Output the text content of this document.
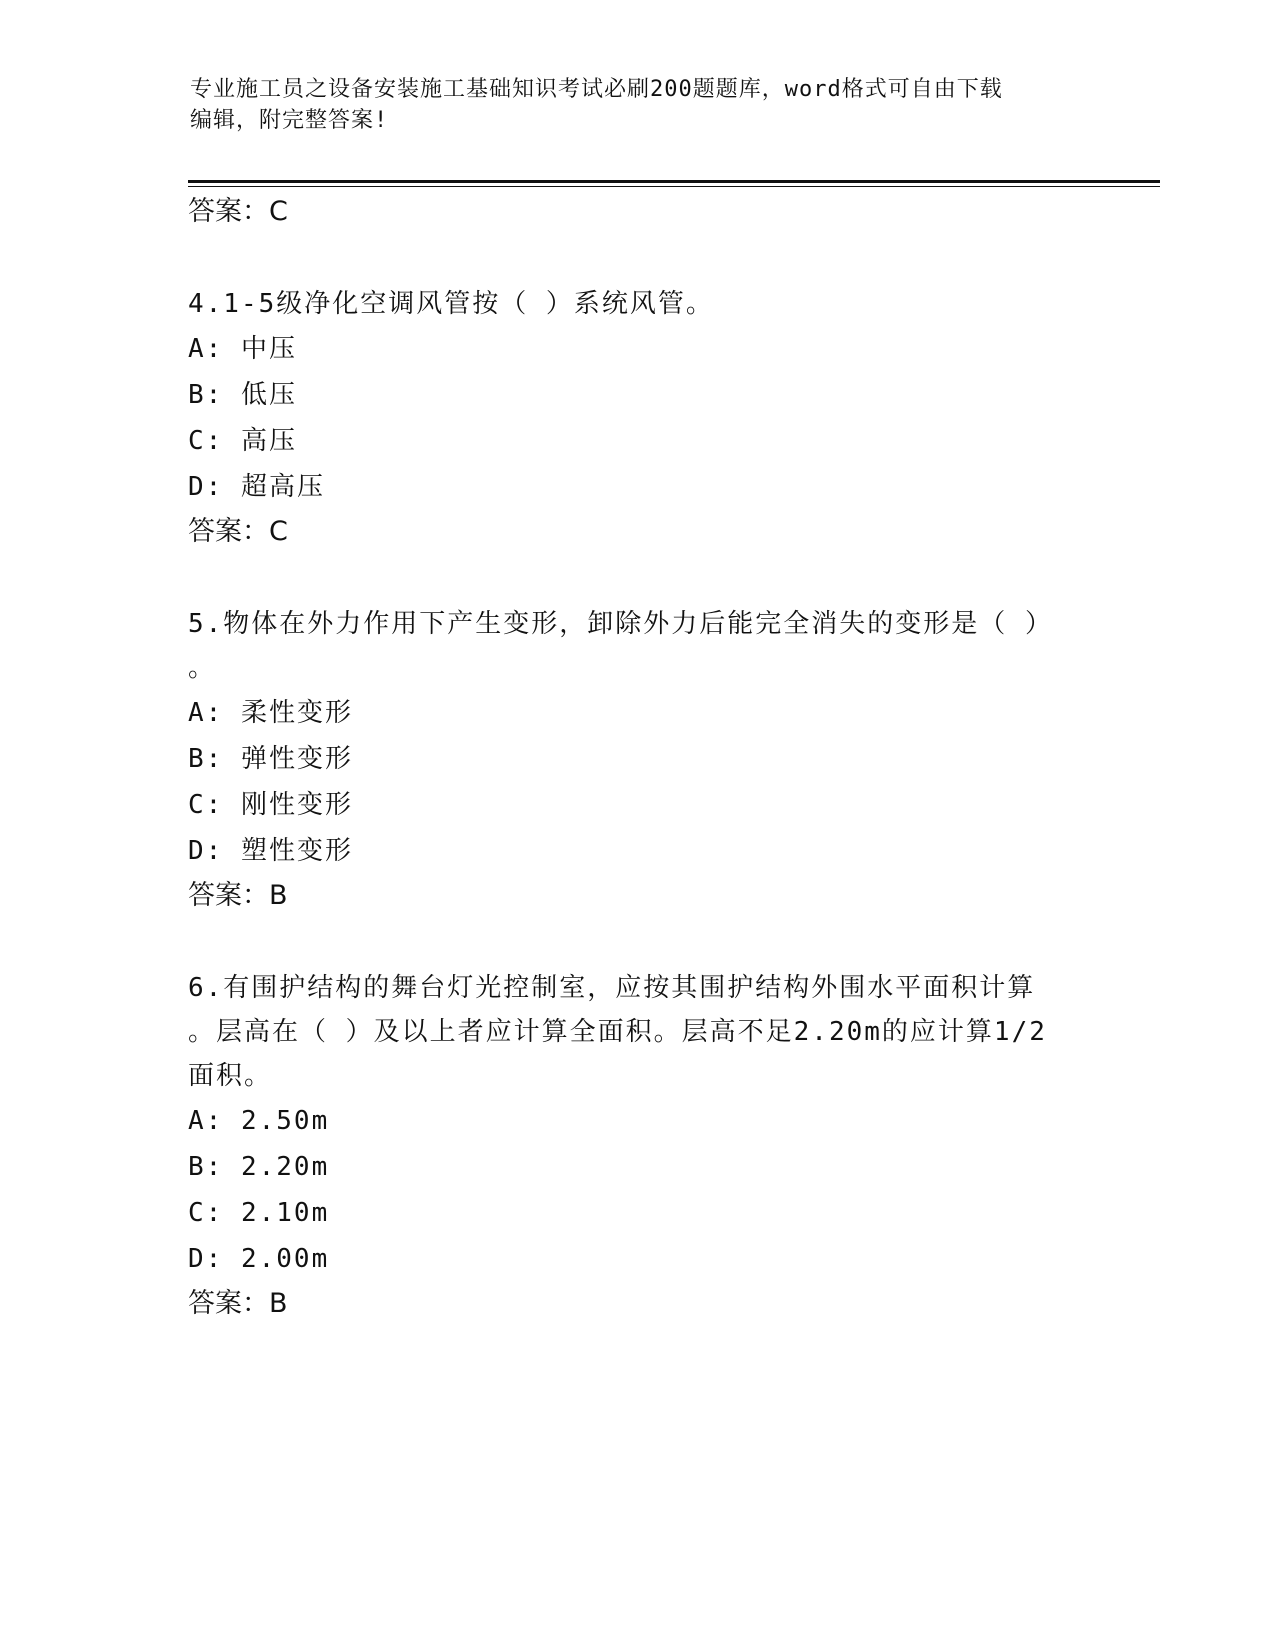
专业施工员之设备安装施工基础知识考试必刷200题题库，word格式可自由下载
编辑，附完整答案!

答案：C

4.1-5级净化空调风管按（ ）系统风管。

A: 中压

B: 低压

C: 高压

D: 超高压

答案：C

5.物体在外力作用下产生变形，卸除外力后能完全消失的变形是（ ）

。

A: 柔性变形

B: 弹性变形

C: 刚性变形

D: 塑性变形

答案：B

6.有围护结构的舞台灯光控制室，应按其围护结构外围水平面积计算

。层高在（ ）及以上者应计算全面积。层高不足2.20m的应计算1/2

面积。

A: 2.50m

B: 2.20m

C: 2.10m

D: 2.00m

答案：B
